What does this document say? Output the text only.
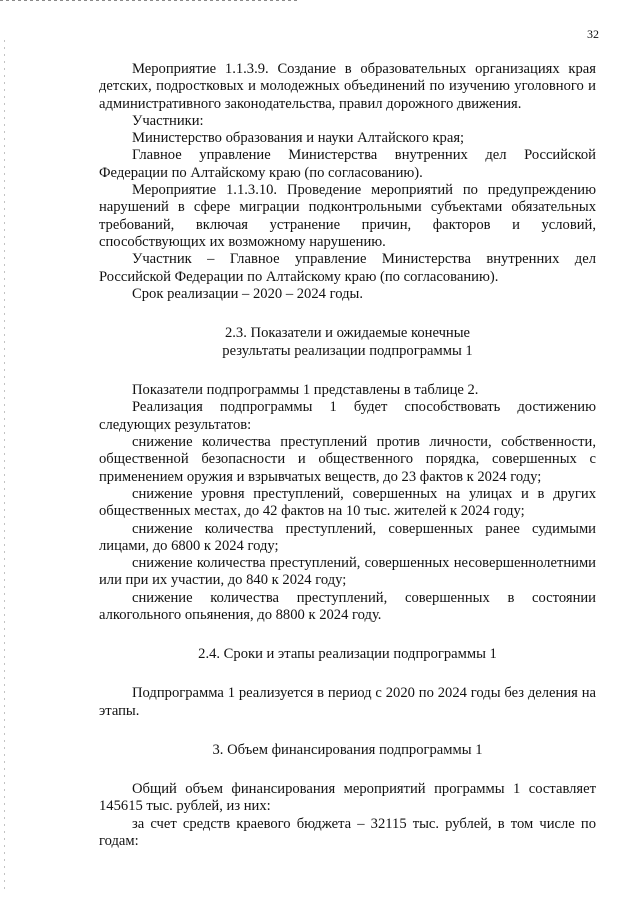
32

Мероприятие 1.1.3.9. Создание в образовательных организациях края детских, подростковых и молодежных объединений по изучению уголовного и административного законодательства, правил дорожного движения.

Участники:

Министерство образования и науки Алтайского края;

Главное управление Министерства внутренних дел Российской Федерации по Алтайскому краю (по согласованию).

Мероприятие 1.1.3.10. Проведение мероприятий по предупреждению нарушений в сфере миграции подконтрольными субъектами обязательных требований, включая устранение причин, факторов и условий, способствующих их возможному нарушению.

Участник – Главное управление Министерства внутренних дел Российской Федерации по Алтайскому краю (по согласованию).

Срок реализации – 2020 – 2024 годы.

2.3. Показатели и ожидаемые конечные

результаты реализации подпрограммы 1

Показатели подпрограммы 1 представлены в таблице 2.

Реализация подпрограммы 1 будет способствовать достижению следующих результатов:

снижение количества преступлений против личности, собственности, общественной безопасности и общественного порядка, совершенных с применением оружия и взрывчатых веществ, до 23 фактов к 2024 году;

снижение уровня преступлений, совершенных на улицах и в других общественных местах, до 42 фактов на 10 тыс. жителей к 2024 году;

снижение количества преступлений, совершенных ранее судимыми лицами, до 6800 к 2024 году;

снижение количества преступлений, совершенных несовершеннолетними или при их участии, до 840 к 2024 году;

снижение количества преступлений, совершенных в состоянии алкогольного опьянения, до 8800 к 2024 году.

2.4. Сроки и этапы реализации подпрограммы 1

Подпрограмма 1 реализуется в период с 2020 по 2024 годы без деления на этапы.

3. Объем финансирования подпрограммы 1

Общий объем финансирования мероприятий программы 1 составляет 145615 тыс. рублей, из них:

за счет средств краевого бюджета – 32115 тыс. рублей, в том числе по годам:
